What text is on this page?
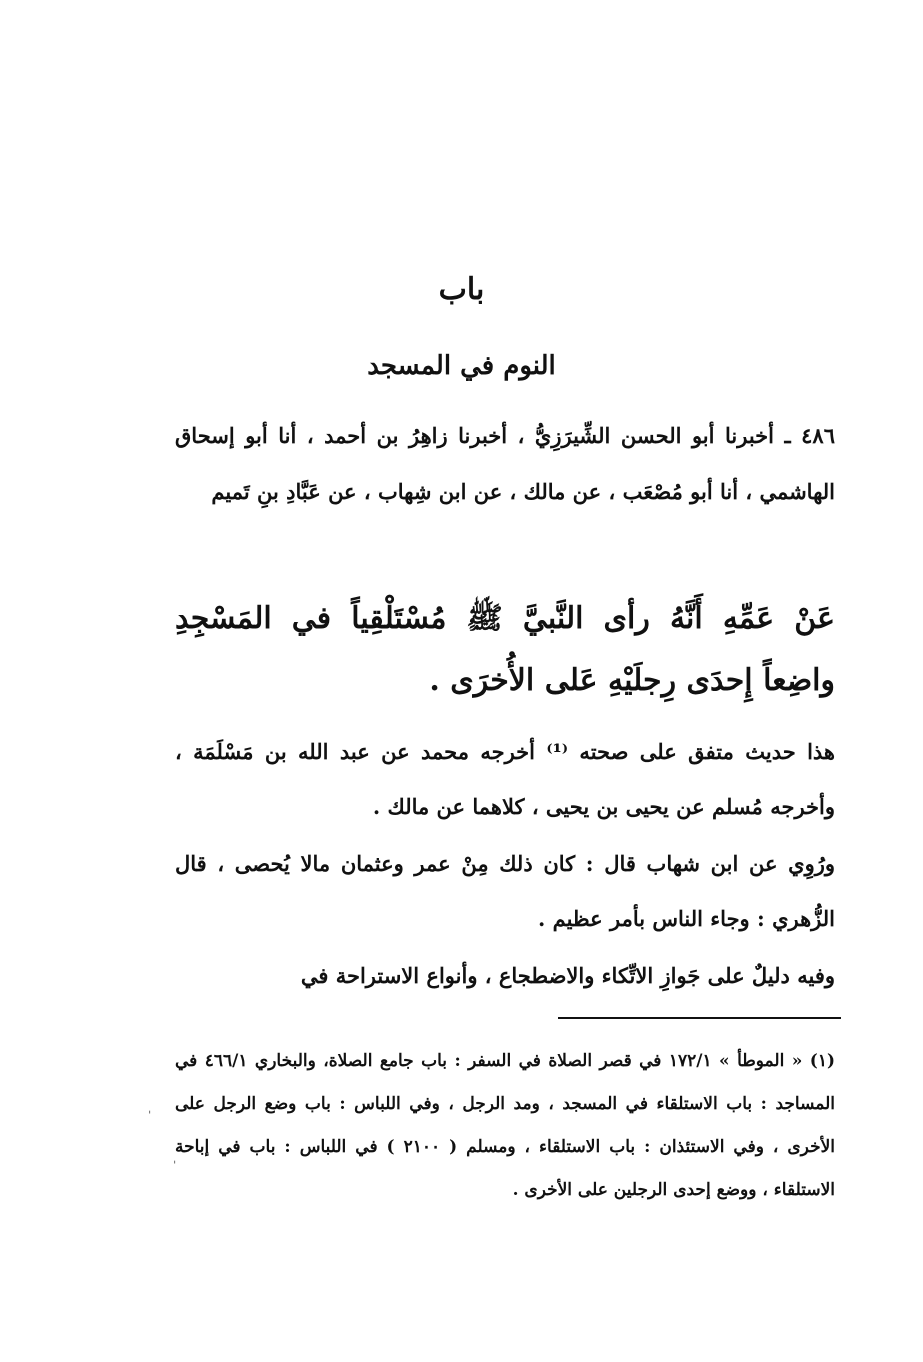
باب
النوم في المسجد
٤٨٦ ـ أخبرنا أبو الحسن الشِّيرَزِيُّ ، أخبرنا زاهِرُ بن أحمد ، أنا أبو إسحاق الهاشمي ، أنا أبو مُصْعَب ، عن مالك ، عن ابن شِهاب ، عن عَبَّادِ بنِ تَميم
عَنْ عَمِّهِ أَنَّهُ رأى النَّبيَّ ﷺ مُسْتَلْقِياً في المَسْجِدِ واضِعاً إِحدَى رِجلَيْهِ عَلى الأُخرَى .
هذا حديث متفق على صحته ⁽¹⁾ أخرجه محمد عن عبد الله بن مَسْلَمَة ، وأخرجه مُسلم عن يحيى بن يحيى ، كلاهما عن مالك .
ورُوِي عن ابن شهاب قال : كان ذلك مِنْ عمر وعثمان مالا يُحصى ، قال الزُّهري : وجاء الناس بأمر عظيم .
وفيه دليلٌ على جَوازِ الاتِّكاء والاضطجاع ، وأنواع الاستراحة في
(١) « الموطأ » ١٧٢/١ في قصر الصلاة في السفر : باب جامع الصلاة، والبخاري ٤٦٦/١ في المساجد : باب الاستلقاء في المسجد ، ومد الرجل ، وفي اللباس : باب وضع الرجل على الأخرى ، وفي الاستئذان : باب الاستلقاء ، ومسلم ( ٢١٠٠ ) في اللباس : باب في إباحة الاستلقاء ، ووضع إحدى الرجلين على الأخرى .
ˈ
ˈ
